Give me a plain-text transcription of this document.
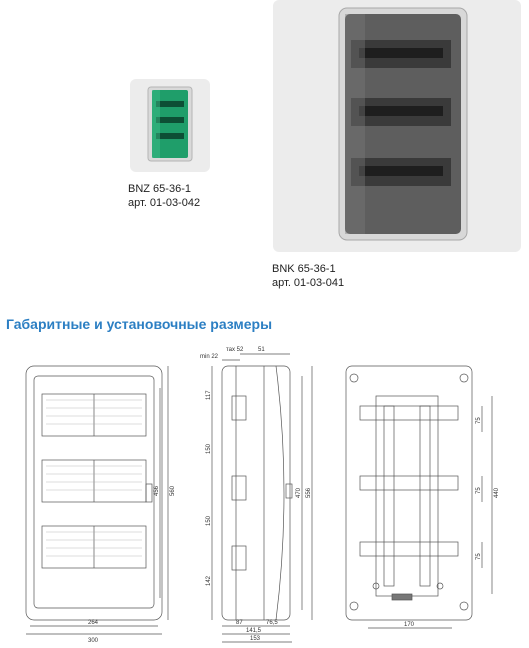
BNZ 65-36-1
арт. 01-03-042
BNK 65-36-1
арт. 01-03-041
Габаритные и установочные размеры
560
456
264
300
тах 52 51
min 22
117
150
150
142
470 556
87	76,5
141,5
153
75
75
75
440
170
